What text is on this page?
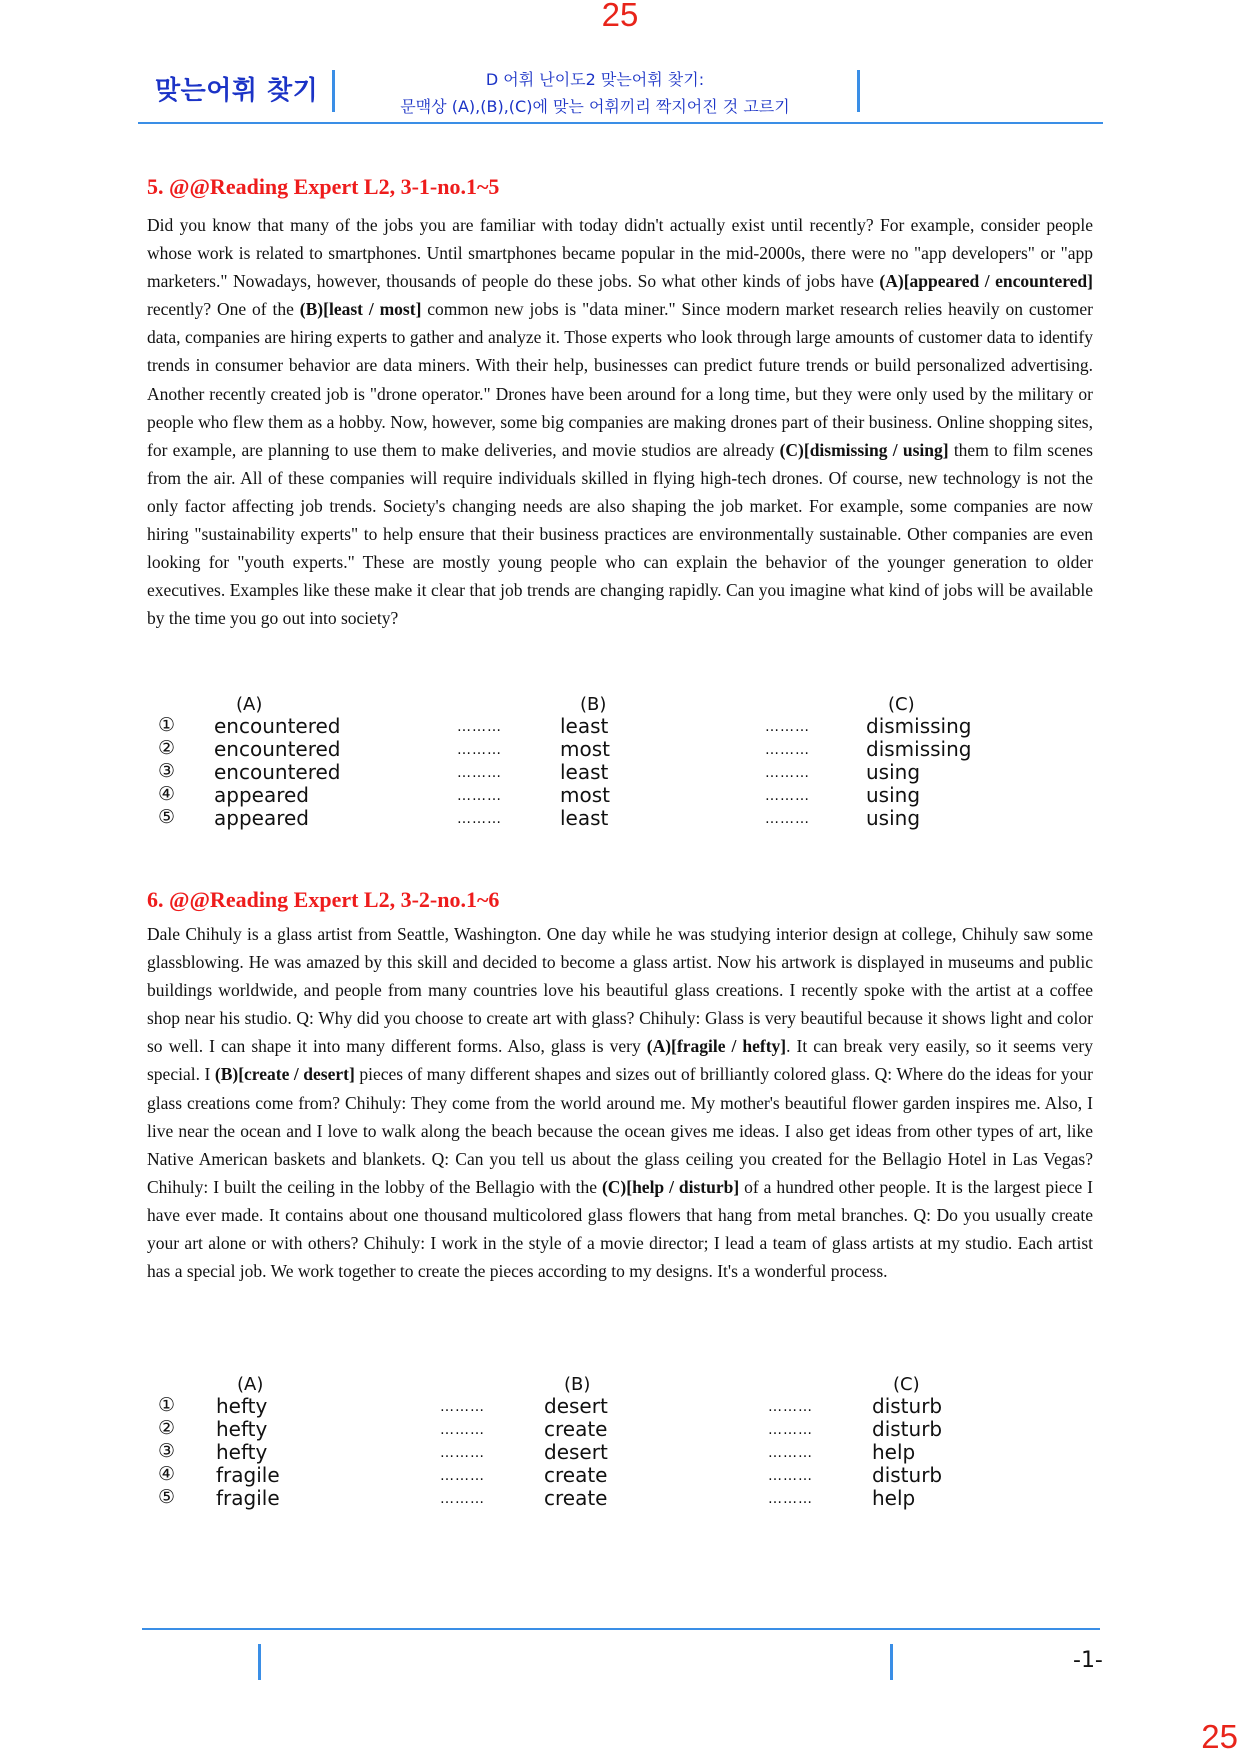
25
맞는어휘 찾기	D 어휘 난이도2 맞는어휘 찾기:
문맥상 (A),(B),(C)에 맞는 어휘끼리 짝지어진 것 고르기
5. @@Reading Expert L2, 3-1-no.1~5

Did you know that many of the jobs you are familiar with today didn't actually exist until recently? For example, consider people whose work is related to smartphones. Until smartphones became popular in the mid-2000s, there were no "app developers" or "app marketers." Nowadays, however, thousands of people do these jobs. So what other kinds of jobs have (A)[appeared / encountered] recently? One of the (B)[least / most] common new jobs is "data miner." Since modern market research relies heavily on customer data, companies are hiring experts to gather and analyze it. Those experts who look through large amounts of customer data to identify trends in consumer behavior are data miners. With their help, businesses can predict future trends or build personalized advertising. Another recently created job is "drone operator." Drones have been around for a long time, but they were only used by the military or people who flew them as a hobby. Now, however, some big companies are making drones part of their business. Online shopping sites, for example, are planning to use them to make deliveries, and movie studios are already (C)[dismissing / using] them to film scenes from the air. All of these companies will require individuals skilled in flying high-tech drones. Of course, new technology is not the only factor affecting job trends. Society's changing needs are also shaping the job market. For example, some companies are now hiring "sustainability experts" to help ensure that their business practices are environmentally sustainable. Other companies are even looking for "youth experts." These are mostly young people who can explain the behavior of the younger generation to older executives. Examples like these make it clear that job trends are changing rapidly. Can you imagine what kind of jobs will be available by the time you go out into society?

(A)	(B)	(C)
① encountered	………	least	………	dismissing
② encountered	………	most	………	dismissing
③ encountered	………	least	………	using
④ appeared	………	most	………	using
⑤ appeared	………	least	………	using
6. @@Reading Expert L2, 3-2-no.1~6

Dale Chihuly is a glass artist from Seattle, Washington. One day while he was studying interior design at college, Chihuly saw some glassblowing. He was amazed by this skill and decided to become a glass artist. Now his artwork is displayed in museums and public buildings worldwide, and people from many countries love his beautiful glass creations. I recently spoke with the artist at a coffee shop near his studio. Q: Why did you choose to create art with glass? Chihuly: Glass is very beautiful because it shows light and color so well. I can shape it into many different forms. Also, glass is very (A)[fragile / hefty]. It can break very easily, so it seems very special. I (B)[create / desert] pieces of many different shapes and sizes out of brilliantly colored glass. Q: Where do the ideas for your glass creations come from? Chihuly: They come from the world around me. My mother's beautiful flower garden inspires me. Also, I live near the ocean and I love to walk along the beach because the ocean gives me ideas. I also get ideas from other types of art, like Native American baskets and blankets. Q: Can you tell us about the glass ceiling you created for the Bellagio Hotel in Las Vegas? Chihuly: I built the ceiling in the lobby of the Bellagio with the (C)[help / disturb] of a hundred other people. It is the largest piece I have ever made. It contains about one thousand multicolored glass flowers that hang from metal branches. Q: Do you usually create your art alone or with others? Chihuly: I work in the style of a movie director; I lead a team of glass artists at my studio. Each artist has a special job. We work together to create the pieces according to my designs. It's a wonderful process.

(A)	(B)	(C)
① hefty	………	desert	………	disturb
② hefty	………	create	………	disturb
③ hefty	………	desert	………	help
④ fragile	………	create	………	disturb
⑤ fragile	………	create	………	help
-1-
25
